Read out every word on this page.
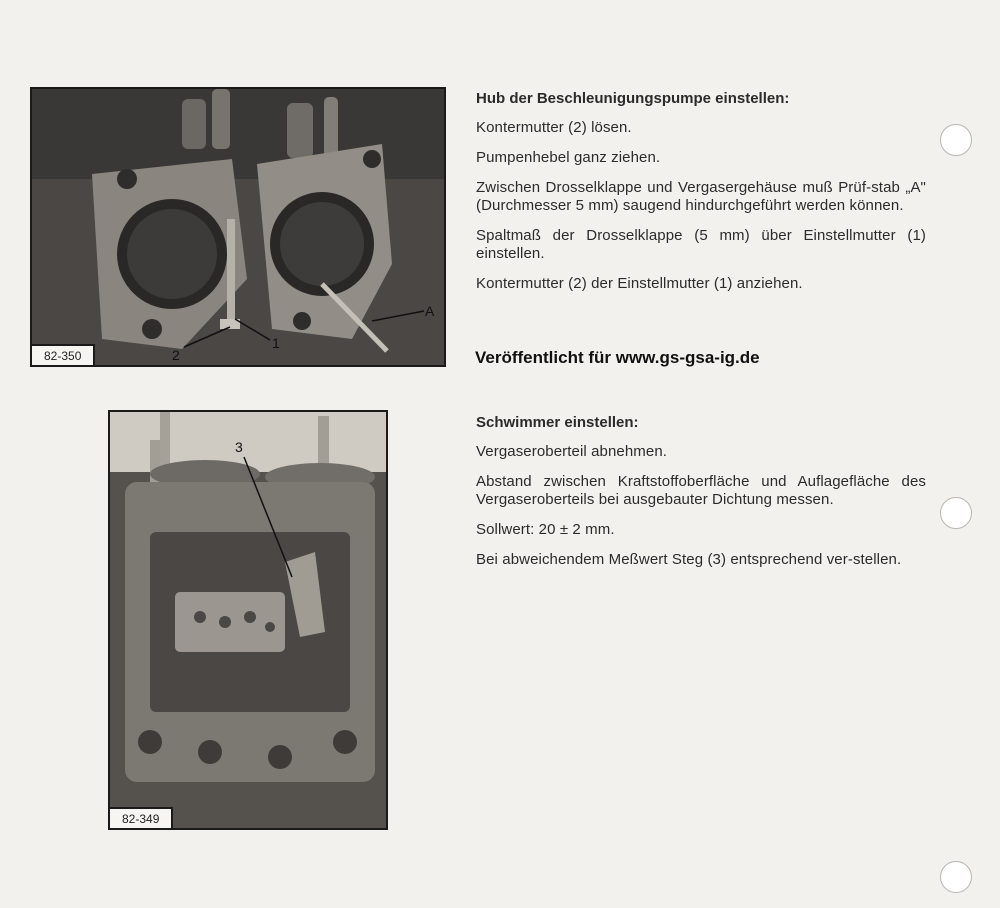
2
1
A
82-350
3
82-349
Hub der Beschleunigungspumpe einstellen:
Kontermutter (2) lösen.
Pumpenhebel ganz ziehen.
Zwischen Drosselklappe und Vergasergehäuse muß Prüf-stab „A" (Durchmesser 5 mm) saugend hindurchgeführt werden können.
Spaltmaß der Drosselklappe (5 mm) über Einstellmutter (1) einstellen.
Kontermutter (2) der Einstellmutter (1) anziehen.
Veröffentlicht für www.gs-gsa-ig.de
Schwimmer einstellen:
Vergaseroberteil abnehmen.
Abstand zwischen Kraftstoffoberfläche und Auflagefläche des Vergaseroberteils bei ausgebauter Dichtung messen.
Sollwert: 20 ± 2 mm.
Bei abweichendem Meßwert Steg (3) entsprechend ver-stellen.
